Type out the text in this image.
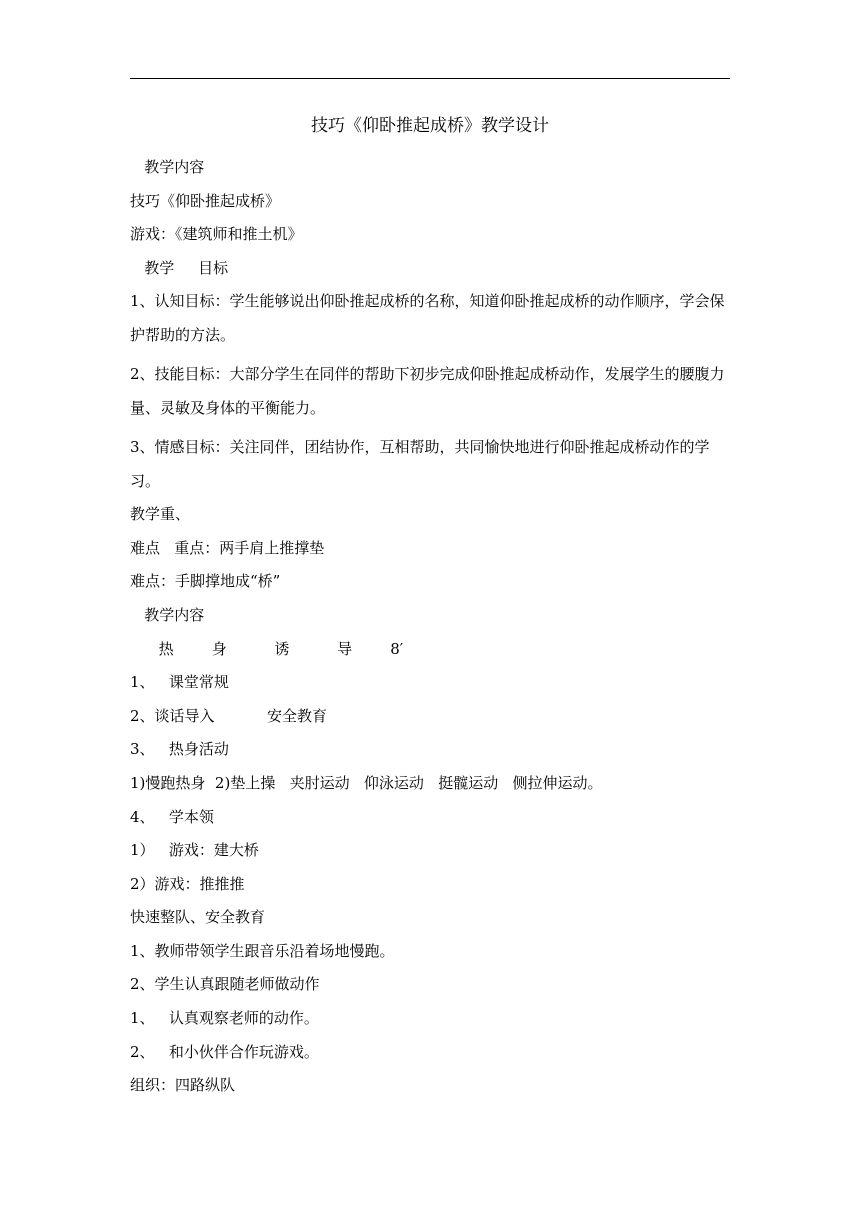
技巧《仰卧推起成桥》教学设计
教学内容
技巧《仰卧推起成桥》
游戏：《建筑师和推土机》
教学     目标
1、认知目标：学生能够说出仰卧推起成桥的名称，知道仰卧推起成桥的动作顺序，学会保护帮助的方法。
2、技能目标：大部分学生在同伴的帮助下初步完成仰卧推起成桥动作，发展学生的腰腹力量、灵敏及身体的平衡能力。
3、情感目标：关注同伴，团结协作，互相帮助，共同愉快地进行仰卧推起成桥动作的学习。
教学重、
难点   重点：两手肩上推撑垫
难点：手脚撑地成“桥”
教学内容
热        身          诱          导        8′
1、   课堂常规
2、谈话导入           安全教育
3、   热身活动
1)慢跑热身  2)垫上操   夹肘运动   仰泳运动   挺髋运动   侧拉伸运动。
4、   学本领
1）   游戏：建大桥
2）游戏：推推推
快速整队、安全教育
1、教师带领学生跟音乐沿着场地慢跑。
2、学生认真跟随老师做动作
1、   认真观察老师的动作。
2、   和小伙伴合作玩游戏。
组织：四路纵队
